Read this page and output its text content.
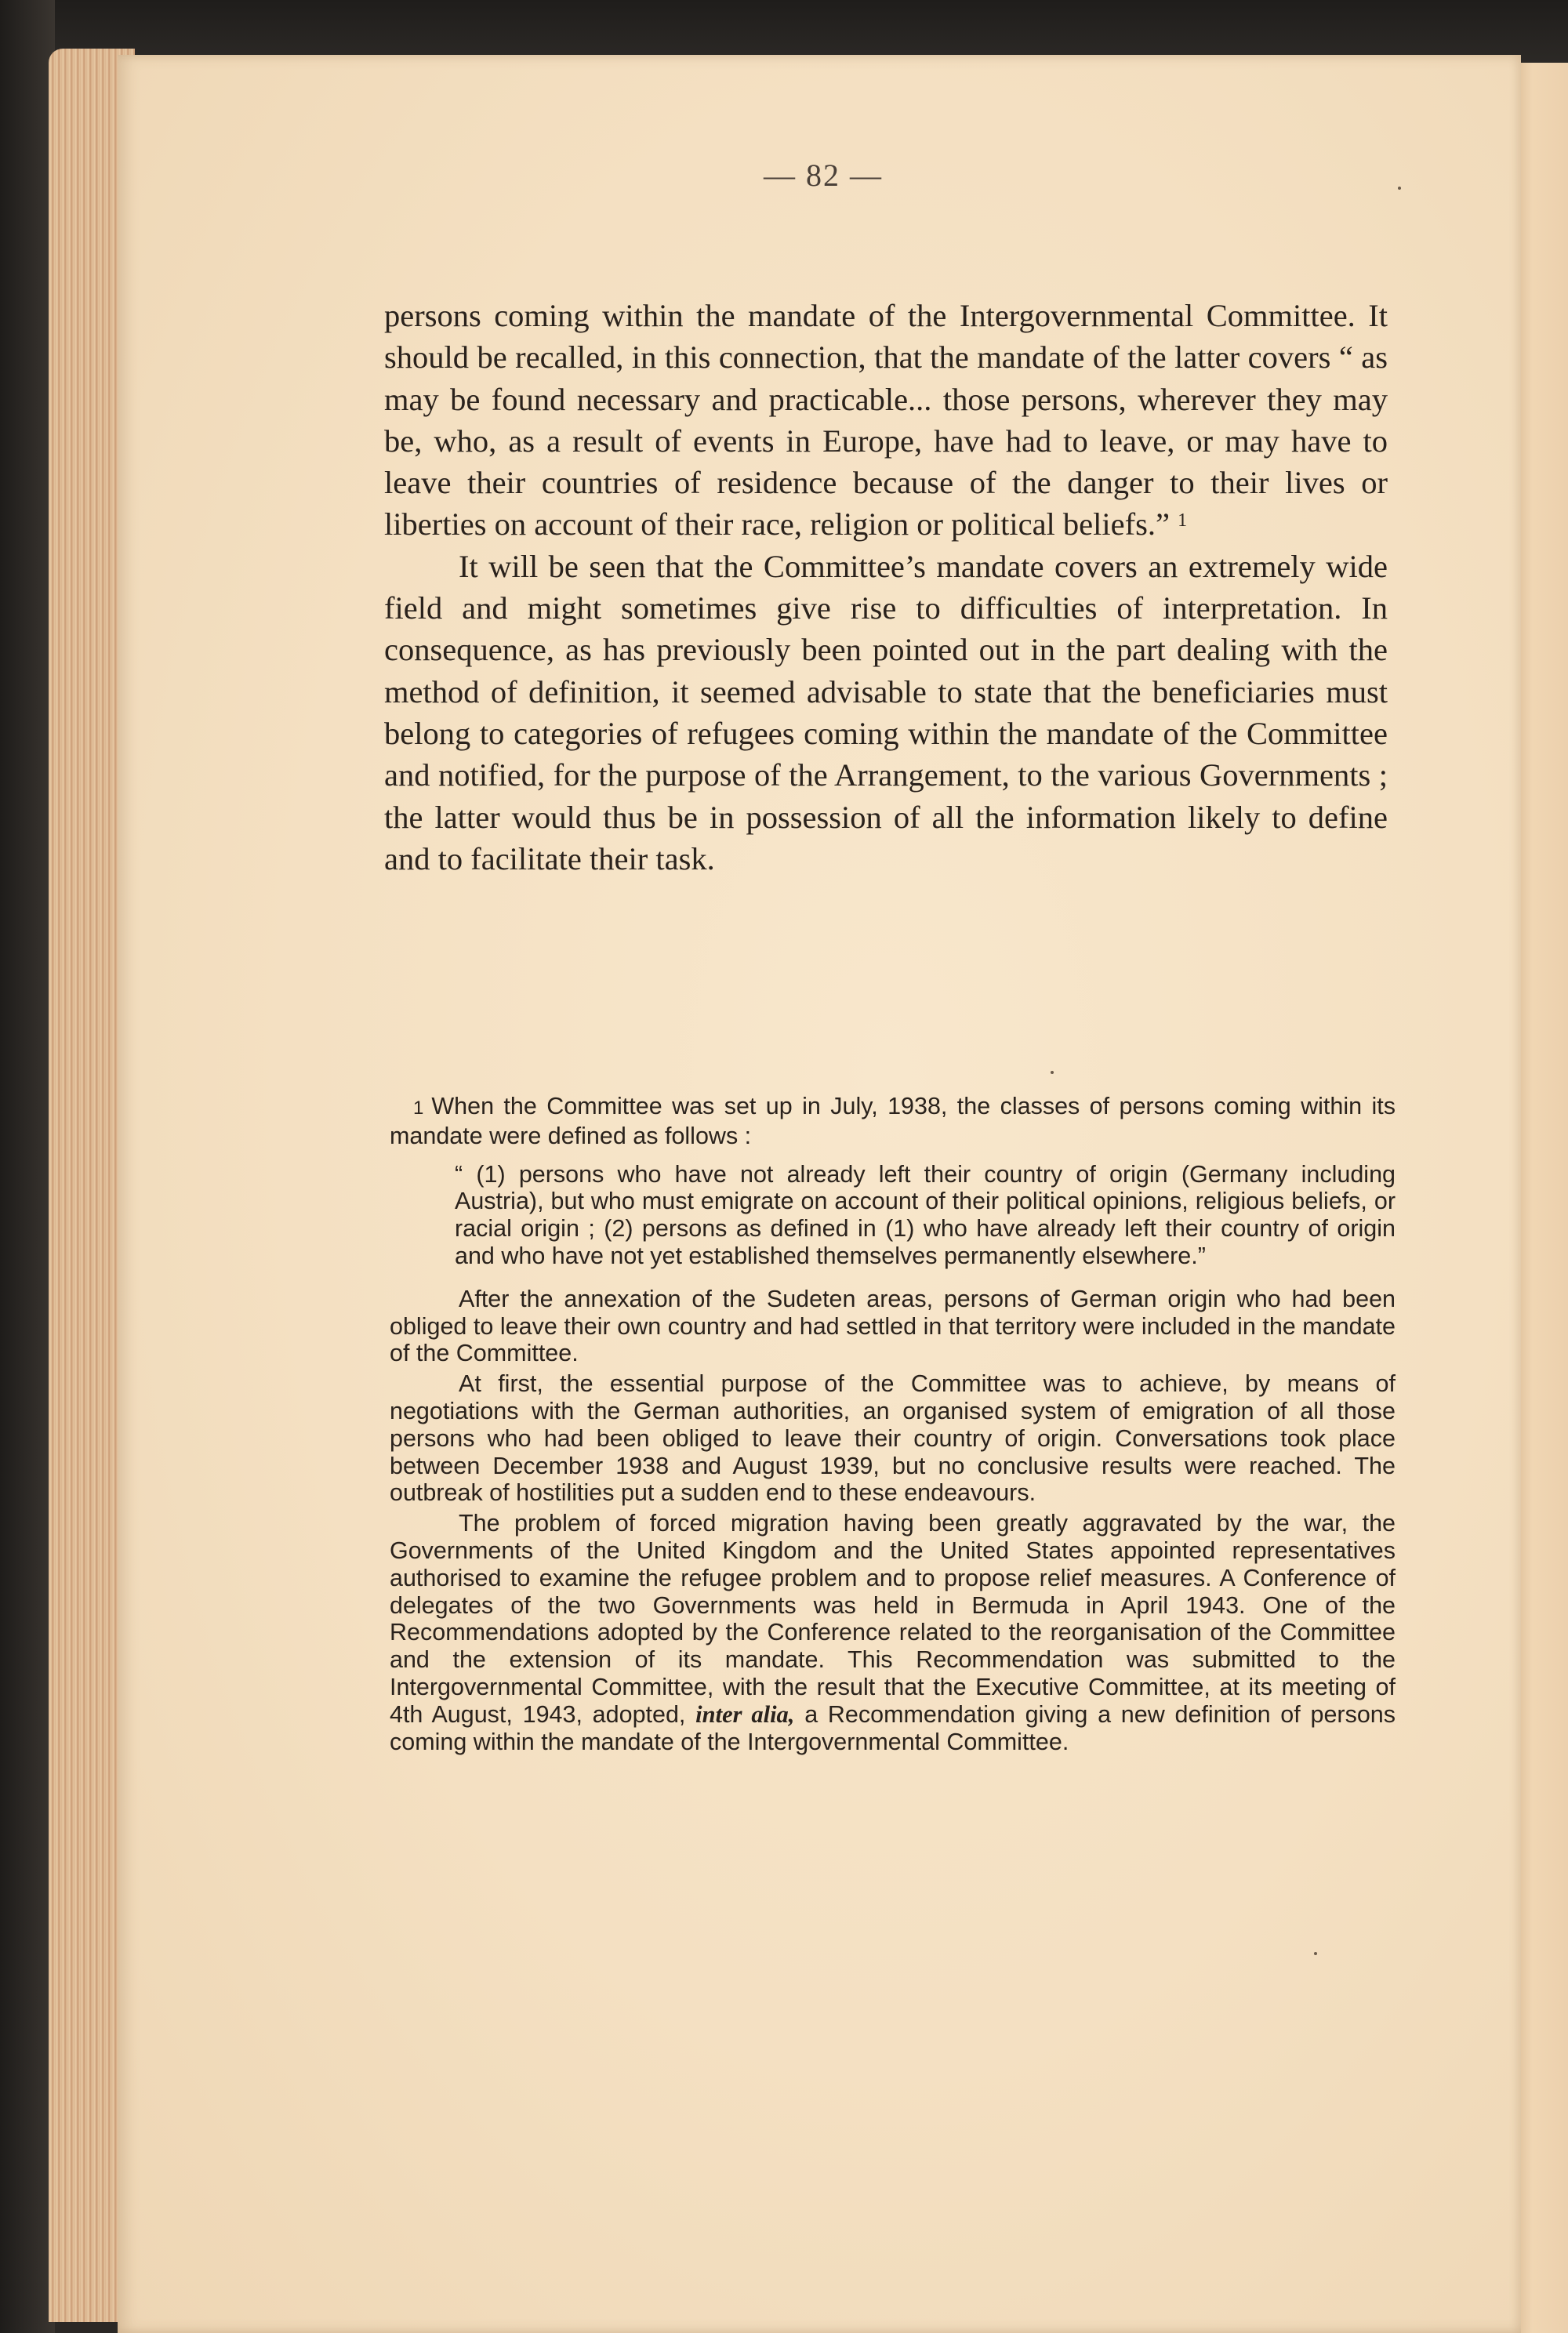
— 82 —

persons coming within the mandate of the Intergovernmental Committee. It should be recalled, in this connection, that the mandate of the latter covers “ as may be found necessary and practicable... those persons, wherever they may be, who, as a result of events in Europe, have had to leave, or may have to leave their countries of residence because of the danger to their lives or liberties on account of their race, religion or political beliefs.” $^1$

It will be seen that the Committee’s mandate covers an extremely wide field and might sometimes give rise to difficulties of interpretation. In consequence, as has previously been pointed out in the part dealing with the method of definition, it seemed advisable to state that the beneficiaries must belong to categories of refugees coming within the mandate of the Committee and notified, for the purpose of the Arrangement, to the various Governments ; the latter would thus be in possession of all the information likely to define and to facilitate their task.

1 When the Committee was set up in July, 1938, the classes of persons coming within its mandate were defined as follows :

“ (1) persons who have not already left their country of origin (Germany including Austria), but who must emigrate on account of their political opinions, religious beliefs, or racial origin ; (2) persons as defined in (1) who have already left their country of origin and who have not yet established themselves permanently elsewhere.”

After the annexation of the Sudeten areas, persons of German origin who had been obliged to leave their own country and had settled in that territory were included in the mandate of the Committee.

At first, the essential purpose of the Committee was to achieve, by means of negotiations with the German authorities, an organised system of emigration of all those persons who had been obliged to leave their country of origin. Conversations took place between December 1938 and August 1939, but no conclusive results were reached. The outbreak of hostilities put a sudden end to these endeavours.

The problem of forced migration having been greatly aggravated by the war, the Governments of the United Kingdom and the United States appointed representatives authorised to examine the refugee problem and to propose relief measures. A Conference of delegates of the two Governments was held in Bermuda in April 1943. One of the Recommendations adopted by the Conference related to the reorganisation of the Committee and the extension of its mandate. This Recommendation was submitted to the Intergovernmental Committee, with the result that the Executive Committee, at its meeting of 4th August, 1943, adopted, inter alia, a Recommendation giving a new definition of persons coming within the mandate of the Intergovernmental Committee.
